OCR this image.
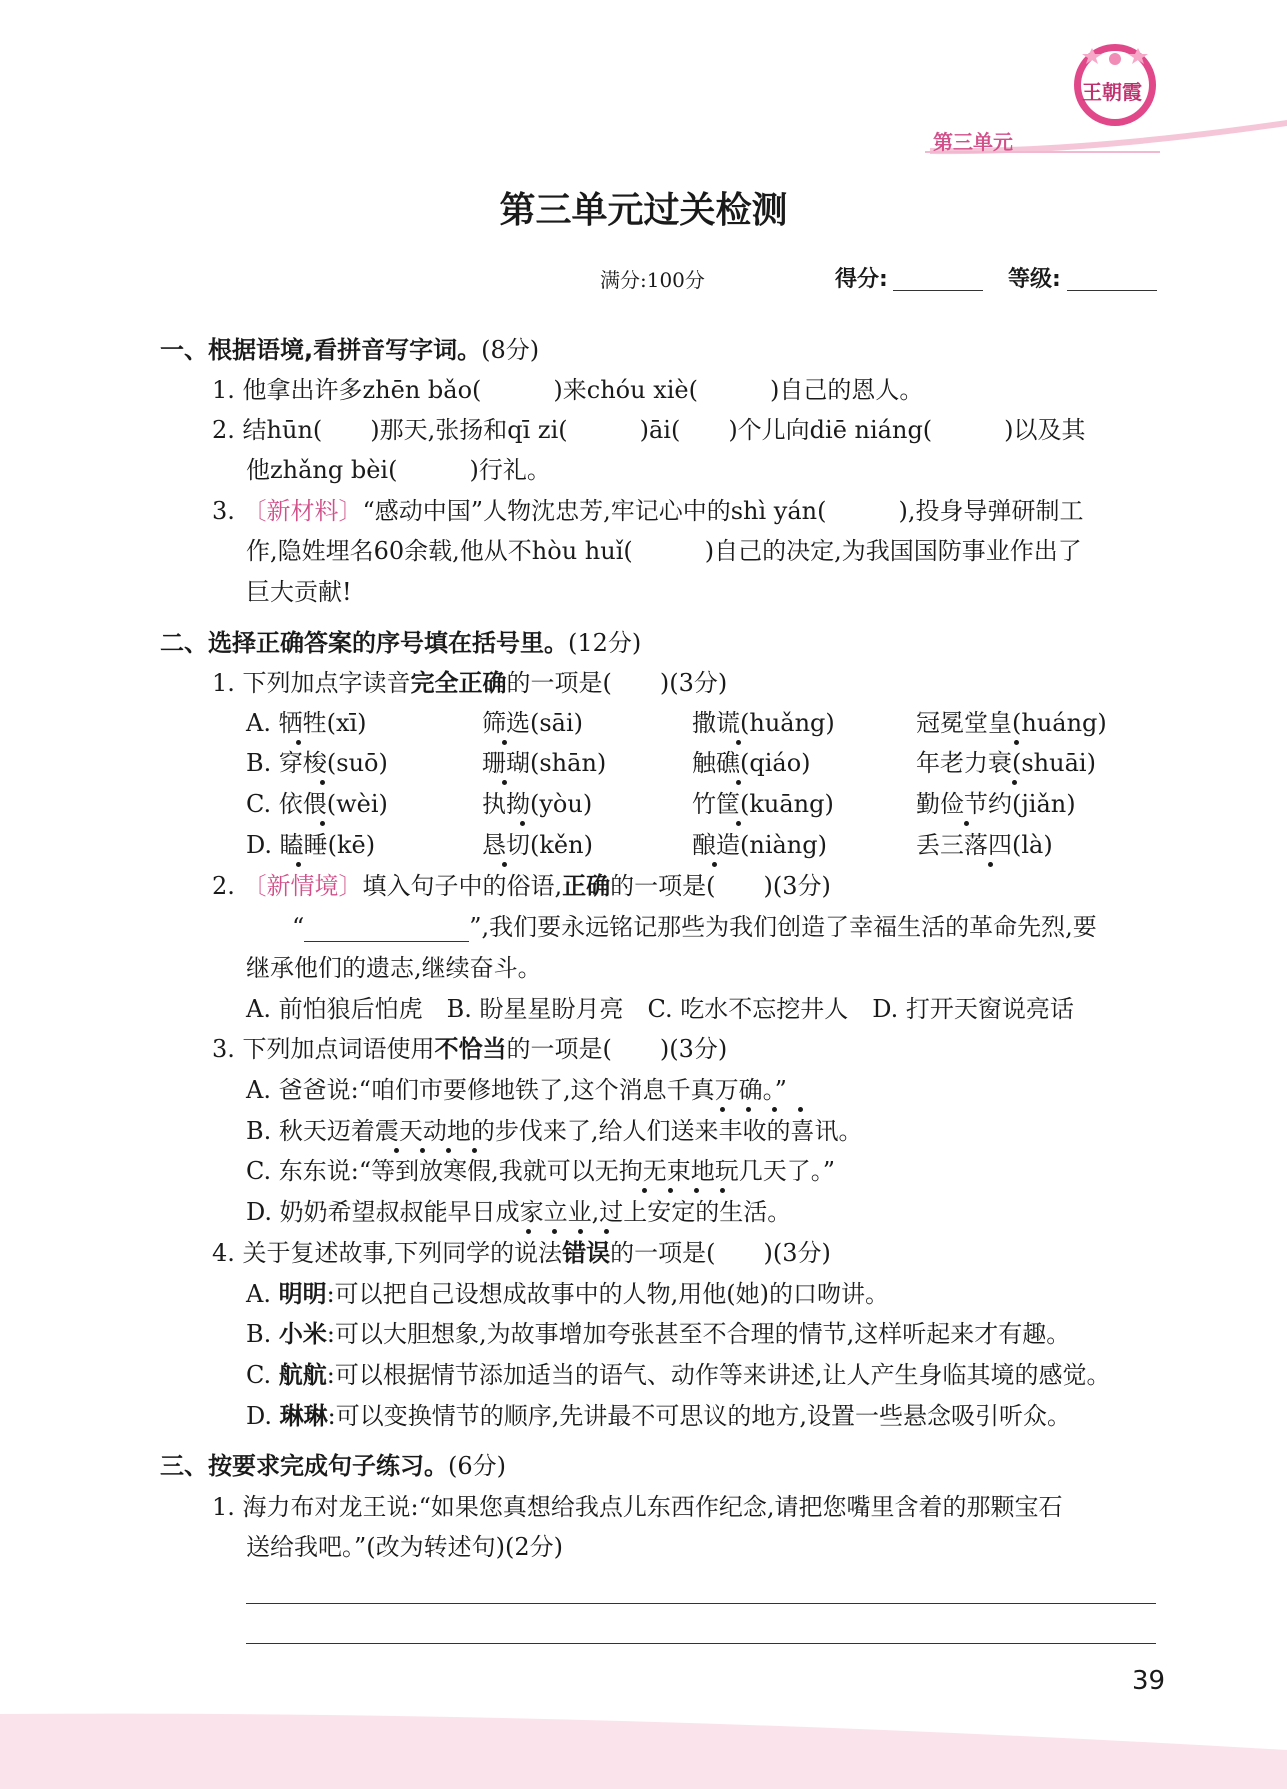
第三单元
王朝霞
第三单元过关检测
满分:100分	得分:	等级:
一、根据语境,看拼音写字词。(8分)
1. 他拿出许多zhēn bǎo(　　　)来chóu xiè(　　　)自己的恩人。
2. 结hūn(　　)那天,张扬和qī zi(　　　)āi(　　)个儿向diē niáng(　　　)以及其
他zhǎng bèi(　　　)行礼。
3. 〔新材料〕“感动中国”人物沈忠芳,牢记心中的shì yán(　　　),投身导弹研制工
作,隐姓埋名60余载,他从不hòu huǐ(　　　)自己的决定,为我国国防事业作出了
巨大贡献!
二、选择正确答案的序号填在括号里。(12分)
1. 下列加点字读音完全正确的一项是(　　)(3分)
A. 牺牲(xī)	筛选(sāi)	撒谎(huǎng)	冠冕堂皇(huáng)
B. 穿梭(suō)	珊瑚(shān)	触礁(qiáo)	年老力衰(shuāi)
C. 依偎(wèi)	执拗(yòu)	竹筐(kuāng)	勤俭节约(jiǎn)
D. 瞌睡(kē)	恳切(kěn)	酿造(niàng)	丢三落四(là)
2. 〔新情境〕填入句子中的俗语,正确的一项是(　　)(3分)
“	”,我们要永远铭记那些为我们创造了幸福生活的革命先烈,要
继承他们的遗志,继续奋斗。
A. 前怕狼后怕虎　B. 盼星星盼月亮　C. 吃水不忘挖井人　D. 打开天窗说亮话
3. 下列加点词语使用不恰当的一项是(　　)(3分)
A. 爸爸说:“咱们市要修地铁了,这个消息千真万确。”
B. 秋天迈着震天动地的步伐来了,给人们送来丰收的喜讯。
C. 东东说:“等到放寒假,我就可以无拘无束地玩几天了。”
D. 奶奶希望叔叔能早日成家立业,过上安定的生活。
4. 关于复述故事,下列同学的说法错误的一项是(　　)(3分)
A. 明明:可以把自己设想成故事中的人物,用他(她)的口吻讲。
B. 小米:可以大胆想象,为故事增加夸张甚至不合理的情节,这样听起来才有趣。
C. 航航:可以根据情节添加适当的语气、动作等来讲述,让人产生身临其境的感觉。
D. 琳琳:可以变换情节的顺序,先讲最不可思议的地方,设置一些悬念吸引听众。
三、按要求完成句子练习。(6分)
1. 海力布对龙王说:“如果您真想给我点儿东西作纪念,请把您嘴里含着的那颗宝石
送给我吧。”(改为转述句)(2分)
39
